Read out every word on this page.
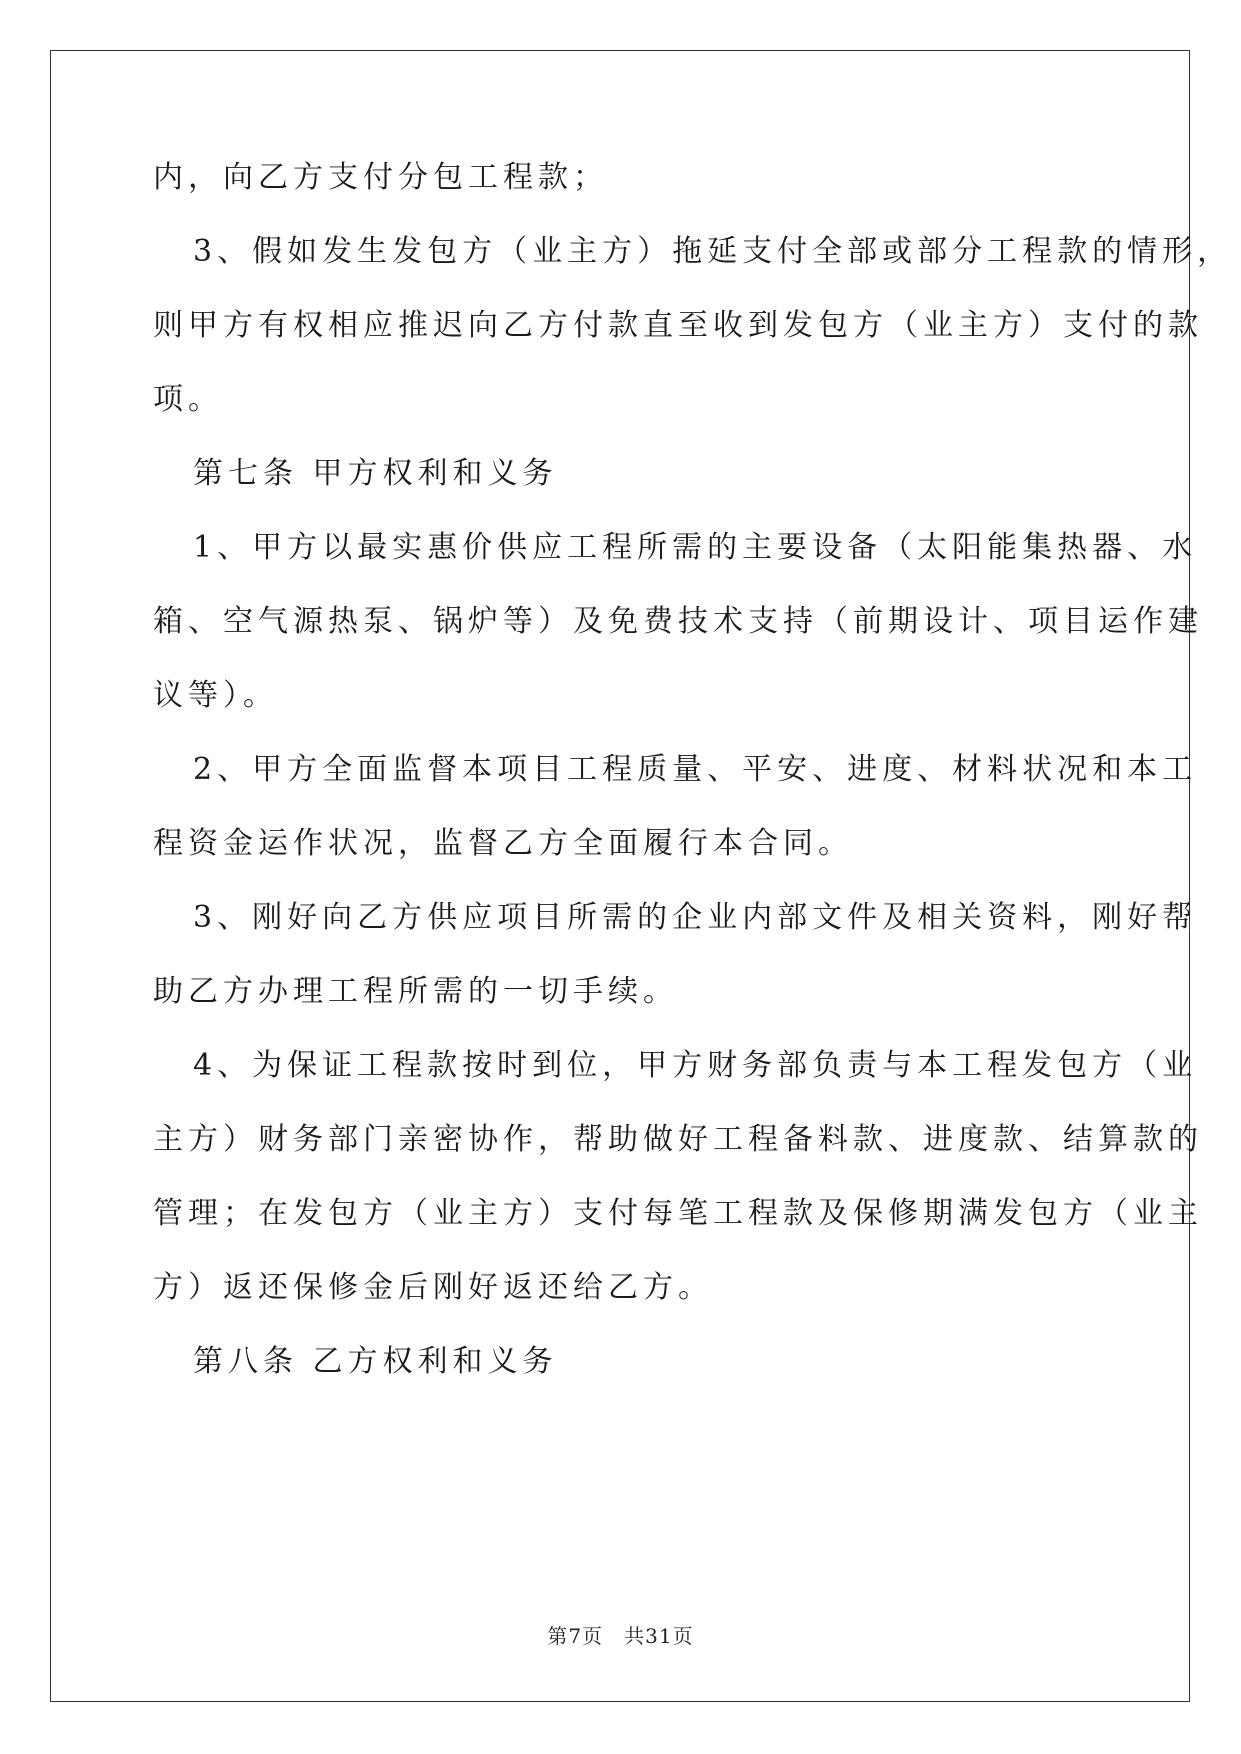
内，向乙方支付分包工程款；
3、假如发生发包方（业主方）拖延支付全部或部分工程款的情形，
则甲方有权相应推迟向乙方付款直至收到发包方（业主方）支付的款
项。
第七条 甲方权利和义务
1、甲方以最实惠价供应工程所需的主要设备（太阳能集热器、水
箱、空气源热泵、锅炉等）及免费技术支持（前期设计、项目运作建
议等）。
2、甲方全面监督本项目工程质量、平安、进度、材料状况和本工
程资金运作状况，监督乙方全面履行本合同。
3、刚好向乙方供应项目所需的企业内部文件及相关资料，刚好帮
助乙方办理工程所需的一切手续。
4、为保证工程款按时到位，甲方财务部负责与本工程发包方（业
主方）财务部门亲密协作，帮助做好工程备料款、进度款、结算款的
管理；在发包方（业主方）支付每笔工程款及保修期满发包方（业主
方）返还保修金后刚好返还给乙方。
第八条 乙方权利和义务
第7页　共31页
